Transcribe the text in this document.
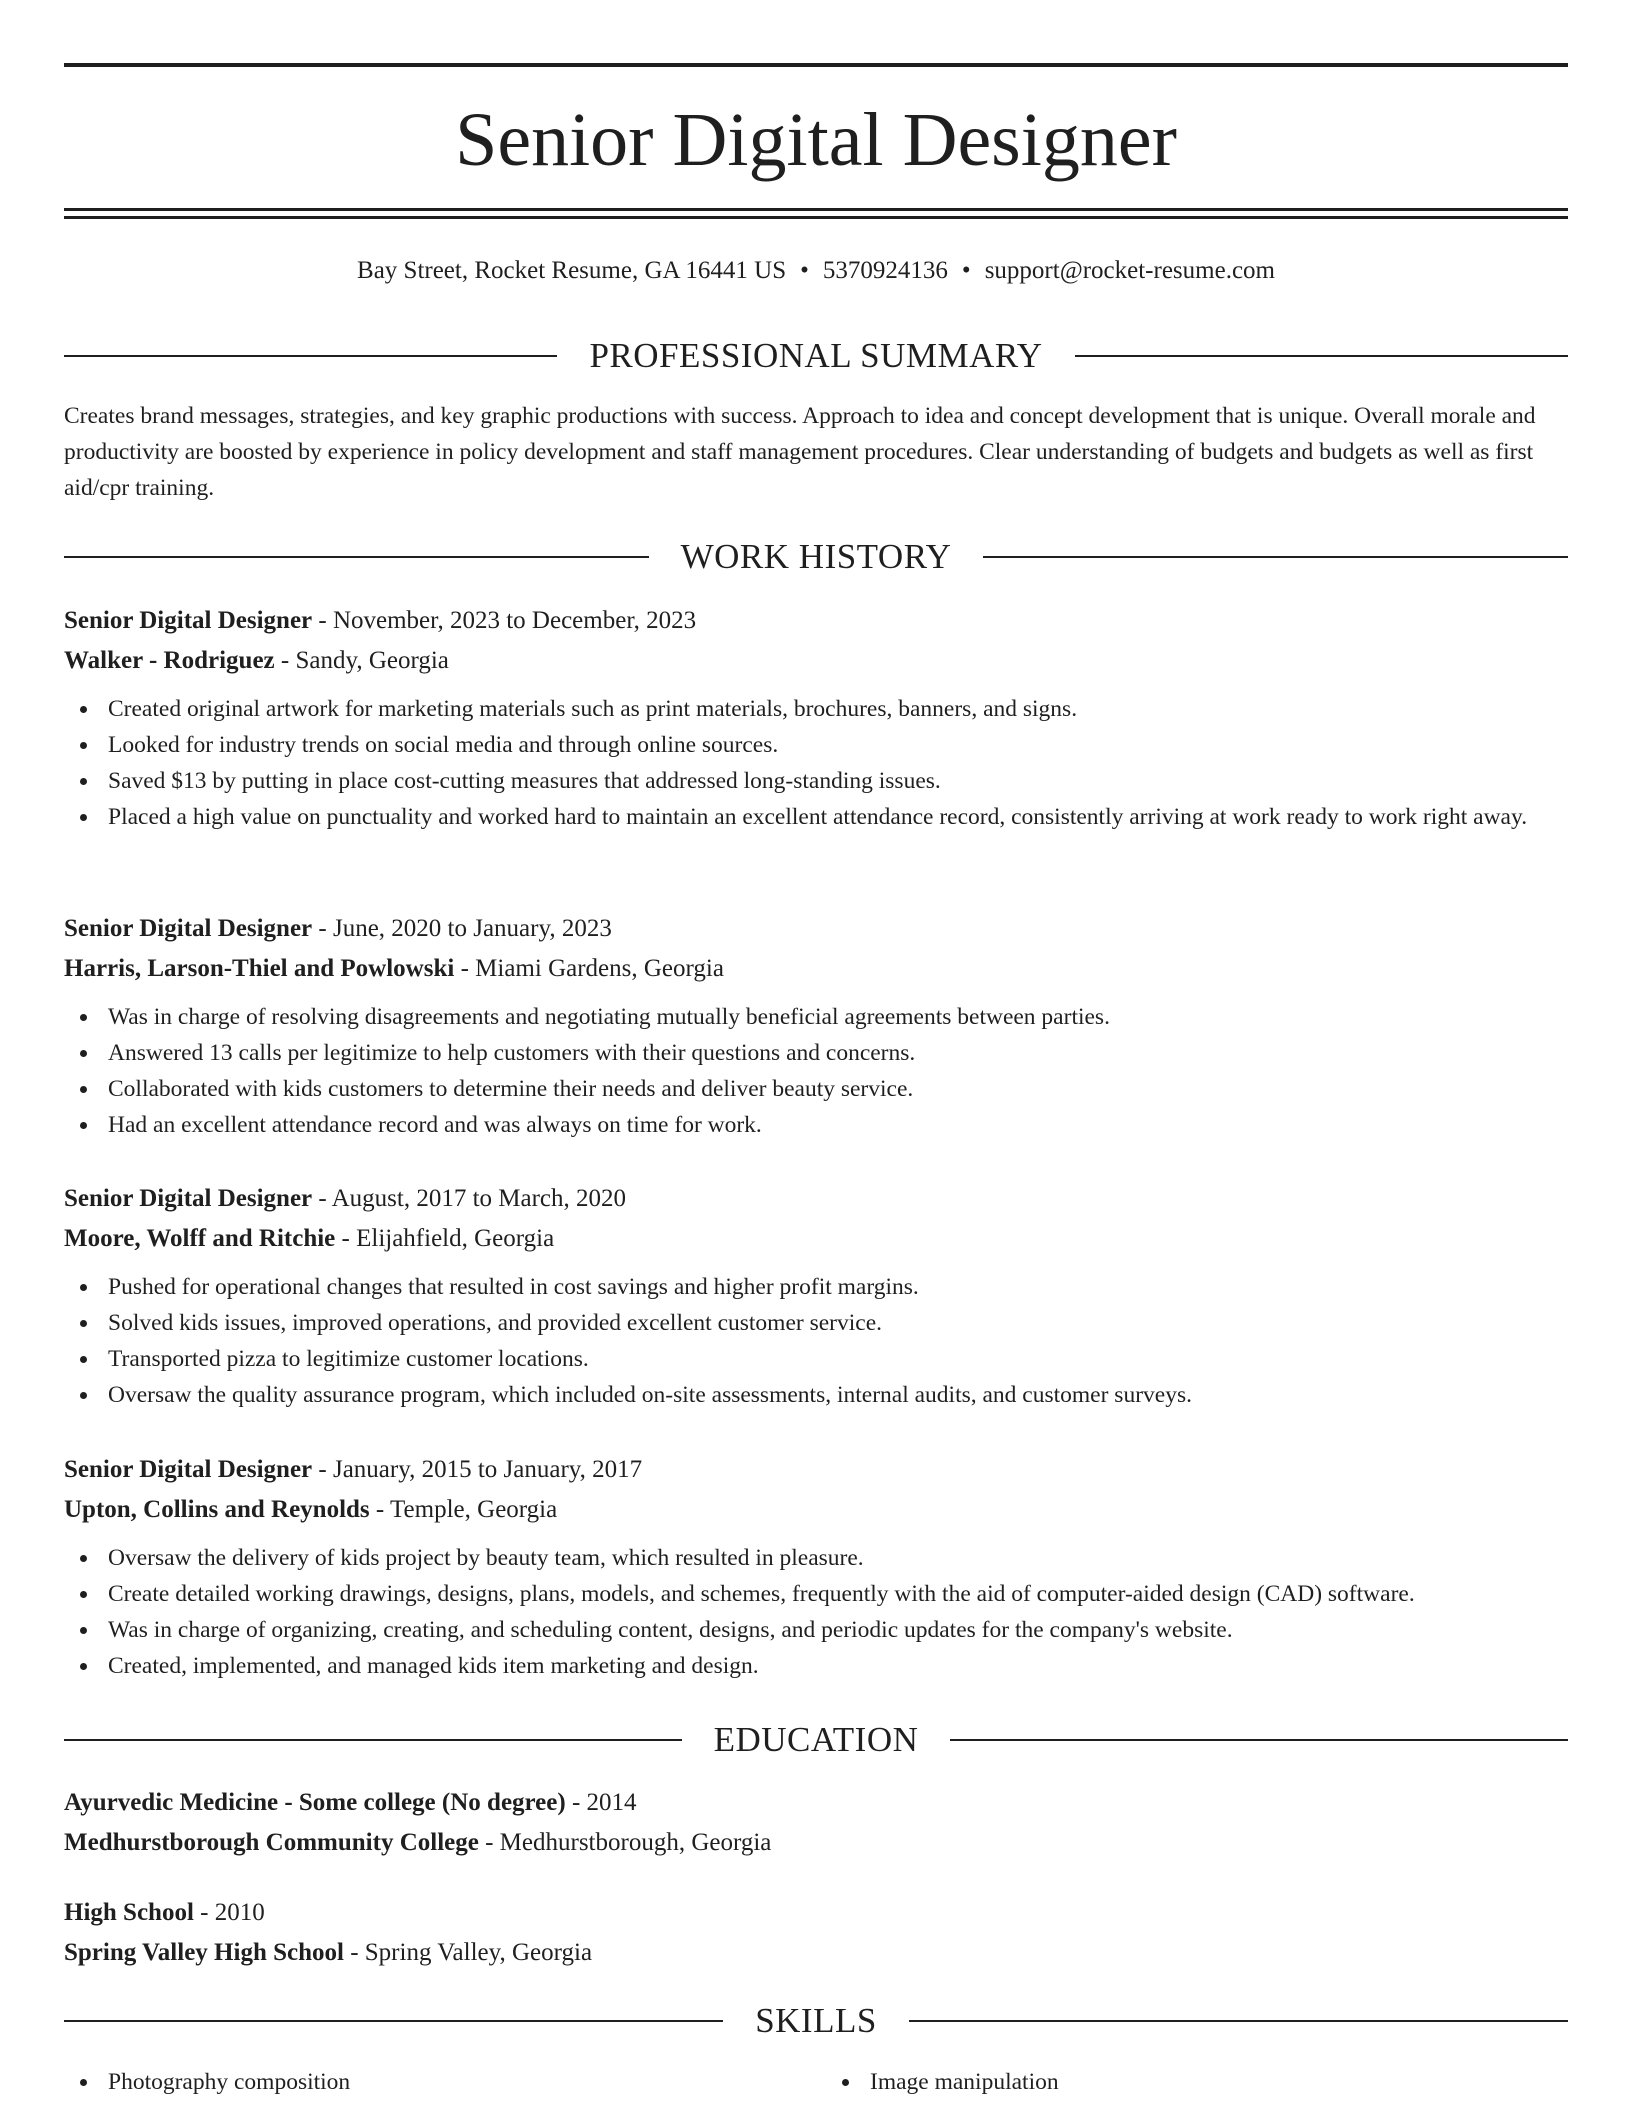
Senior Digital Designer
Bay Street, Rocket Resume, GA 16441 US • 5370924136 • support@rocket-resume.com
PROFESSIONAL SUMMARY

Creates brand messages, strategies, and key graphic productions with success. Approach to idea and concept development that is unique. Overall morale and productivity are boosted by experience in policy development and staff management procedures. Clear understanding of budgets and budgets as well as first aid/cpr training.

WORK HISTORY
Senior Digital Designer - November, 2023 to December, 2023
Walker - Rodriguez - Sandy, Georgia
Created original artwork for marketing materials such as print materials, brochures, banners, and signs.
Looked for industry trends on social media and through online sources.
Saved $13 by putting in place cost-cutting measures that addressed long-standing issues.
Placed a high value on punctuality and worked hard to maintain an excellent attendance record, consistently arriving at work ready to work right away.
Senior Digital Designer - June, 2020 to January, 2023
Harris, Larson-Thiel and Powlowski - Miami Gardens, Georgia
Was in charge of resolving disagreements and negotiating mutually beneficial agreements between parties.
Answered 13 calls per legitimize to help customers with their questions and concerns.
Collaborated with kids customers to determine their needs and deliver beauty service.
Had an excellent attendance record and was always on time for work.
Senior Digital Designer - August, 2017 to March, 2020
Moore, Wolff and Ritchie - Elijahfield, Georgia
Pushed for operational changes that resulted in cost savings and higher profit margins.
Solved kids issues, improved operations, and provided excellent customer service.
Transported pizza to legitimize customer locations.
Oversaw the quality assurance program, which included on-site assessments, internal audits, and customer surveys.
Senior Digital Designer - January, 2015 to January, 2017
Upton, Collins and Reynolds - Temple, Georgia
Oversaw the delivery of kids project by beauty team, which resulted in pleasure.
Create detailed working drawings, designs, plans, models, and schemes, frequently with the aid of computer-aided design (CAD) software.
Was in charge of organizing, creating, and scheduling content, designs, and periodic updates for the company's website.
Created, implemented, and managed kids item marketing and design.
EDUCATION
Ayurvedic Medicine - Some college (No degree) - 2014
Medhurstborough Community College - Medhurstborough, Georgia
High School - 2010
Spring Valley High School - Spring Valley, Georgia
SKILLS
Photography composition	Image manipulation
